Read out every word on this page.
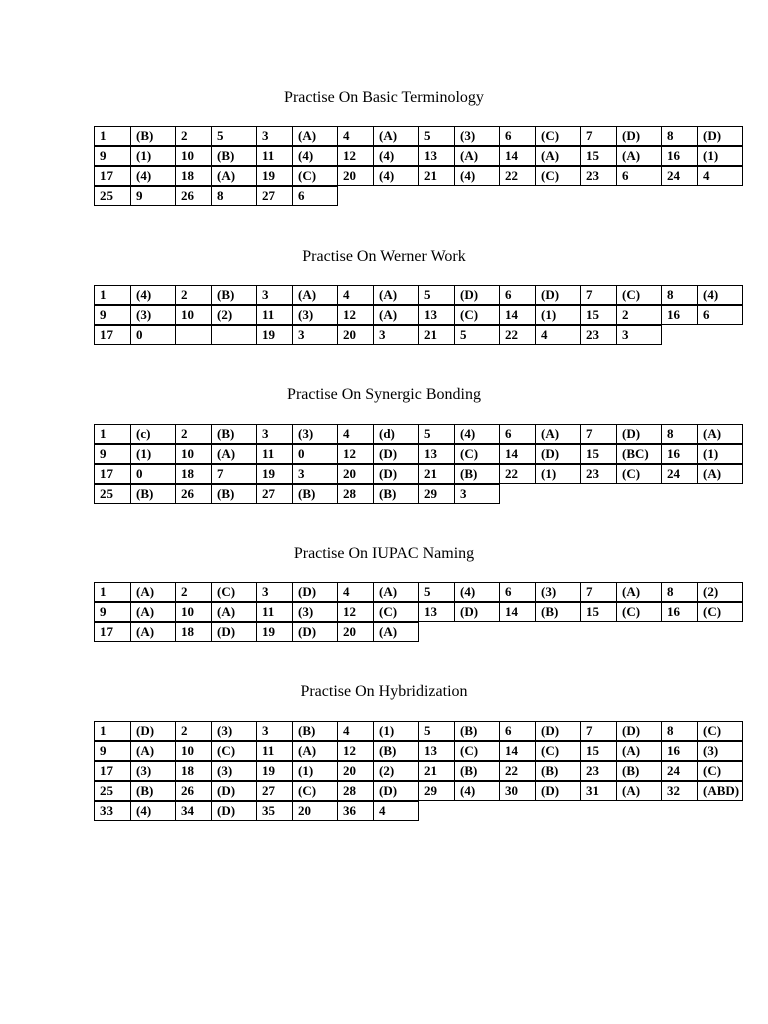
Practise On Basic Terminology
1	(B)	2	5	3	(A)	4	(A)	5	(3)	6	(C)	7	(D)	8	(D)
9	(1)	10	(B)	11	(4)	12	(4)	13	(A)	14	(A)	15	(A)	16	(1)
17	(4)	18	(A)	19	(C)	20	(4)	21	(4)	22	(C)	23	6	24	4
25	9	26	8	27	6
Practise On Werner Work
1	(4)	2	(B)	3	(A)	4	(A)	5	(D)	6	(D)	7	(C)	8	(4)
9	(3)	10	(2)	11	(3)	12	(A)	13	(C)	14	(1)	15	2	16	6
17	0	19	3	20	3	21	5	22	4	23	3
Practise On Synergic Bonding
1	(c)	2	(B)	3	(3)	4	(d)	5	(4)	6	(A)	7	(D)	8	(A)
9	(1)	10	(A)	11	0	12	(D)	13	(C)	14	(D)	15	(BC)	16	(1)
17	0	18	7	19	3	20	(D)	21	(B)	22	(1)	23	(C)	24	(A)
25	(B)	26	(B)	27	(B)	28	(B)	29	3
Practise On IUPAC Naming
1	(A)	2	(C)	3	(D)	4	(A)	5	(4)	6	(3)	7	(A)	8	(2)
9	(A)	10	(A)	11	(3)	12	(C)	13	(D)	14	(B)	15	(C)	16	(C)
17	(A)	18	(D)	19	(D)	20	(A)
Practise On Hybridization
1	(D)	2	(3)	3	(B)	4	(1)	5	(B)	6	(D)	7	(D)	8	(C)
9	(A)	10	(C)	11	(A)	12	(B)	13	(C)	14	(C)	15	(A)	16	(3)
17	(3)	18	(3)	19	(1)	20	(2)	21	(B)	22	(B)	23	(B)	24	(C)
25	(B)	26	(D)	27	(C)	28	(D)	29	(4)	30	(D)	31	(A)	32	(ABD)
33	(4)	34	(D)	35	20	36	4
